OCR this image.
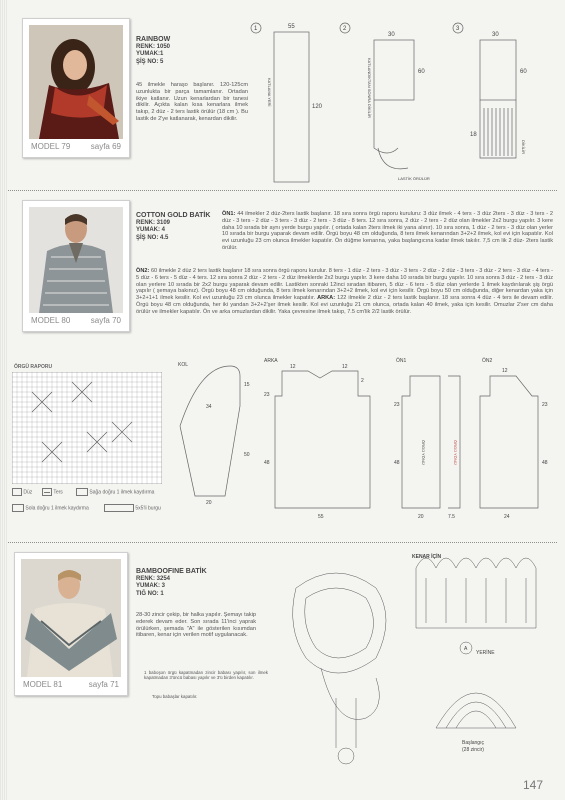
MODEL 79	sayfa 69
RAINBOW
RENK: 1050
YUMAK:1
ŞİŞ NO: 5
45 ilmekle haraşo başlanır. 120-125cm uzunlukta bir parça tamamlanır. Ortadan ikiye katlanır. Uzun kenarlardan bir tanesi dikilir. Açıkta kalan kısa kenarlara ilmek takıp, 2 düz - 2 ters lastik örülür (18 cm ). Bu lastik de 2'ye katlanarak, kenardan dikilir.
1	2	3
55
120
30
60
30
60
18
KATLAMA YERİ	KATLANDIKTAN SONRA DİKİLİR
LASTİK ÖRÜLÜR
DİKİLİR
MODEL 80	sayfa 70
COTTON GOLD BATİK
RENK: 3109
YUMAK: 4
ŞİŞ NO: 4.5
ÖN1: 44 ilmekler 2 düz-2ters lastik başlanır. 18 sıra sonra örgü raporu kuruluru: 3 düz ilmek - 4 ters - 3 düz 2ters - 3 düz - 3 ters - 2 düz - 3 ters - 2 düz - 3 ters - 3 düz - 2 ters - 3 düz - 8 ters. 12 sıra sonra, 2 düz - 2 ters - 2 düz olan ilmekler 2x2 burgu yapılır. 3 kere daha 10 sırada bir aynı yerde burgu yapılır. ( ortada kalan 2ters ilmek iki yana alınır). 10 sıra sonra, 1 düz - 2 ters - 3 düz olan yerler 10 sırada bir burgu yaparak devam edilir. Örgü boyu 48 cm olduğunda, 8 ters ilmek kenarından 3+2+2 ilmek, kol evi için kapatılır. Kol evi uzunluğu 23 cm olunca ilmekler kapatılır. Ön düğme kenarına, yaka başlangıcına kadar ilmek takılır. 7,5 cm lik 2 düz- 2ters lastik örülür.
ÖN2: 60 ilmekle 2 düz 2 ters lastik başlanır 18 sıra sonra örgü raporu kurulur. 8 ters - 1 düz - 2 ters - 3 düz - 3 ters - 2 düz - 2 düz - 3 ters - 3 düz - 2 ters - 3 düz - 4 ters - 5 düz - 6 ters - 5 düz - 4 ters. 12 sıra sonra 2 düz - 2 ters - 2 düz ilmeklerde 2x2 burgu yapılır. 3 kere daha 10 sırada bir burgu yapılır. 10 sıra sonra 3 düz - 2 ters - 3 düz olan yerlere 10 sırada bir 2x2 burgu yaparak devam edilir. Lastikten sonraki 12inci sıradan itibaren, 5 düz - 6 ters - 5 düz olan yerlerde 1 ilmek kaydırılarak şiş örgü yapılır ( şemaya bakınız). Örgü boyu 48 cm olduğunda, 8 ters ilmek kenarından 3+2+2 ilmek, kol evi için kesilir. Örgü boyu 50 cm olduğunda, diğer kenardan yaka için 3+2+1+1 ilmek kesilir. Kol evi uzunluğu 23 cm olunca ilmekler kapatılır. ARKA: 122 ilmekle 2 düz - 2 ters lastik başlanır. 18 sıra sonra 4 düz - 4 ters ile devam edilir. Örgü boyu 48 cm olduğunda, her iki yandan 3+2+2'şer ilmek kesilir. Kol evi uzunluğu 21 cm olunca, ortada kalan 40 ilmek, yaka için kesilir. Omuzlar 2'ser cm daha örülür ve ilmekler kapatılır. Ön ve arka omuzlardan dikilir. Yaka çevresine ilmek takıp, 7.5 cm'lik 2/2 lastik örülür.
ÖRGÜ RAPORU
Düz	Ters	Sağa doğru 1 ilmek kaydırma
Sola doğru 1 ilmek kaydırma	5x5'li burgu
KOL
34
15
50
20
ARKA
12	12
23
48
55
2
ÖN1
23
48
20	7.5
ÖRGÜ YÖNÜ	ÖRGÜ YÖNÜ
ÖN2
12
23
48
24
MODEL 81	sayfa 71
BAMBOOFINE BATİK
RENK: 3254
YUMAK: 3
TIĞ NO: 1
28-30 zincir çekip, bir halka yapılır. Şemayı takip ederek devam eder. Son sırada 11'inci yaprak örülürken, şemada "A" ile gösterilen kısımdan itibaren, kenar için verilen motif uygulanacak.
1 baboşon örgü kapatmadan zincir babası yapılır, son ilmek kapatmadan 3'üncü babası yapılır ve 3'ü birden kapatılır.
Topu babaşlar kapatılır.
KENAR İÇİN
A
YERİNE
Başlangıç
(28 zincir)
147
